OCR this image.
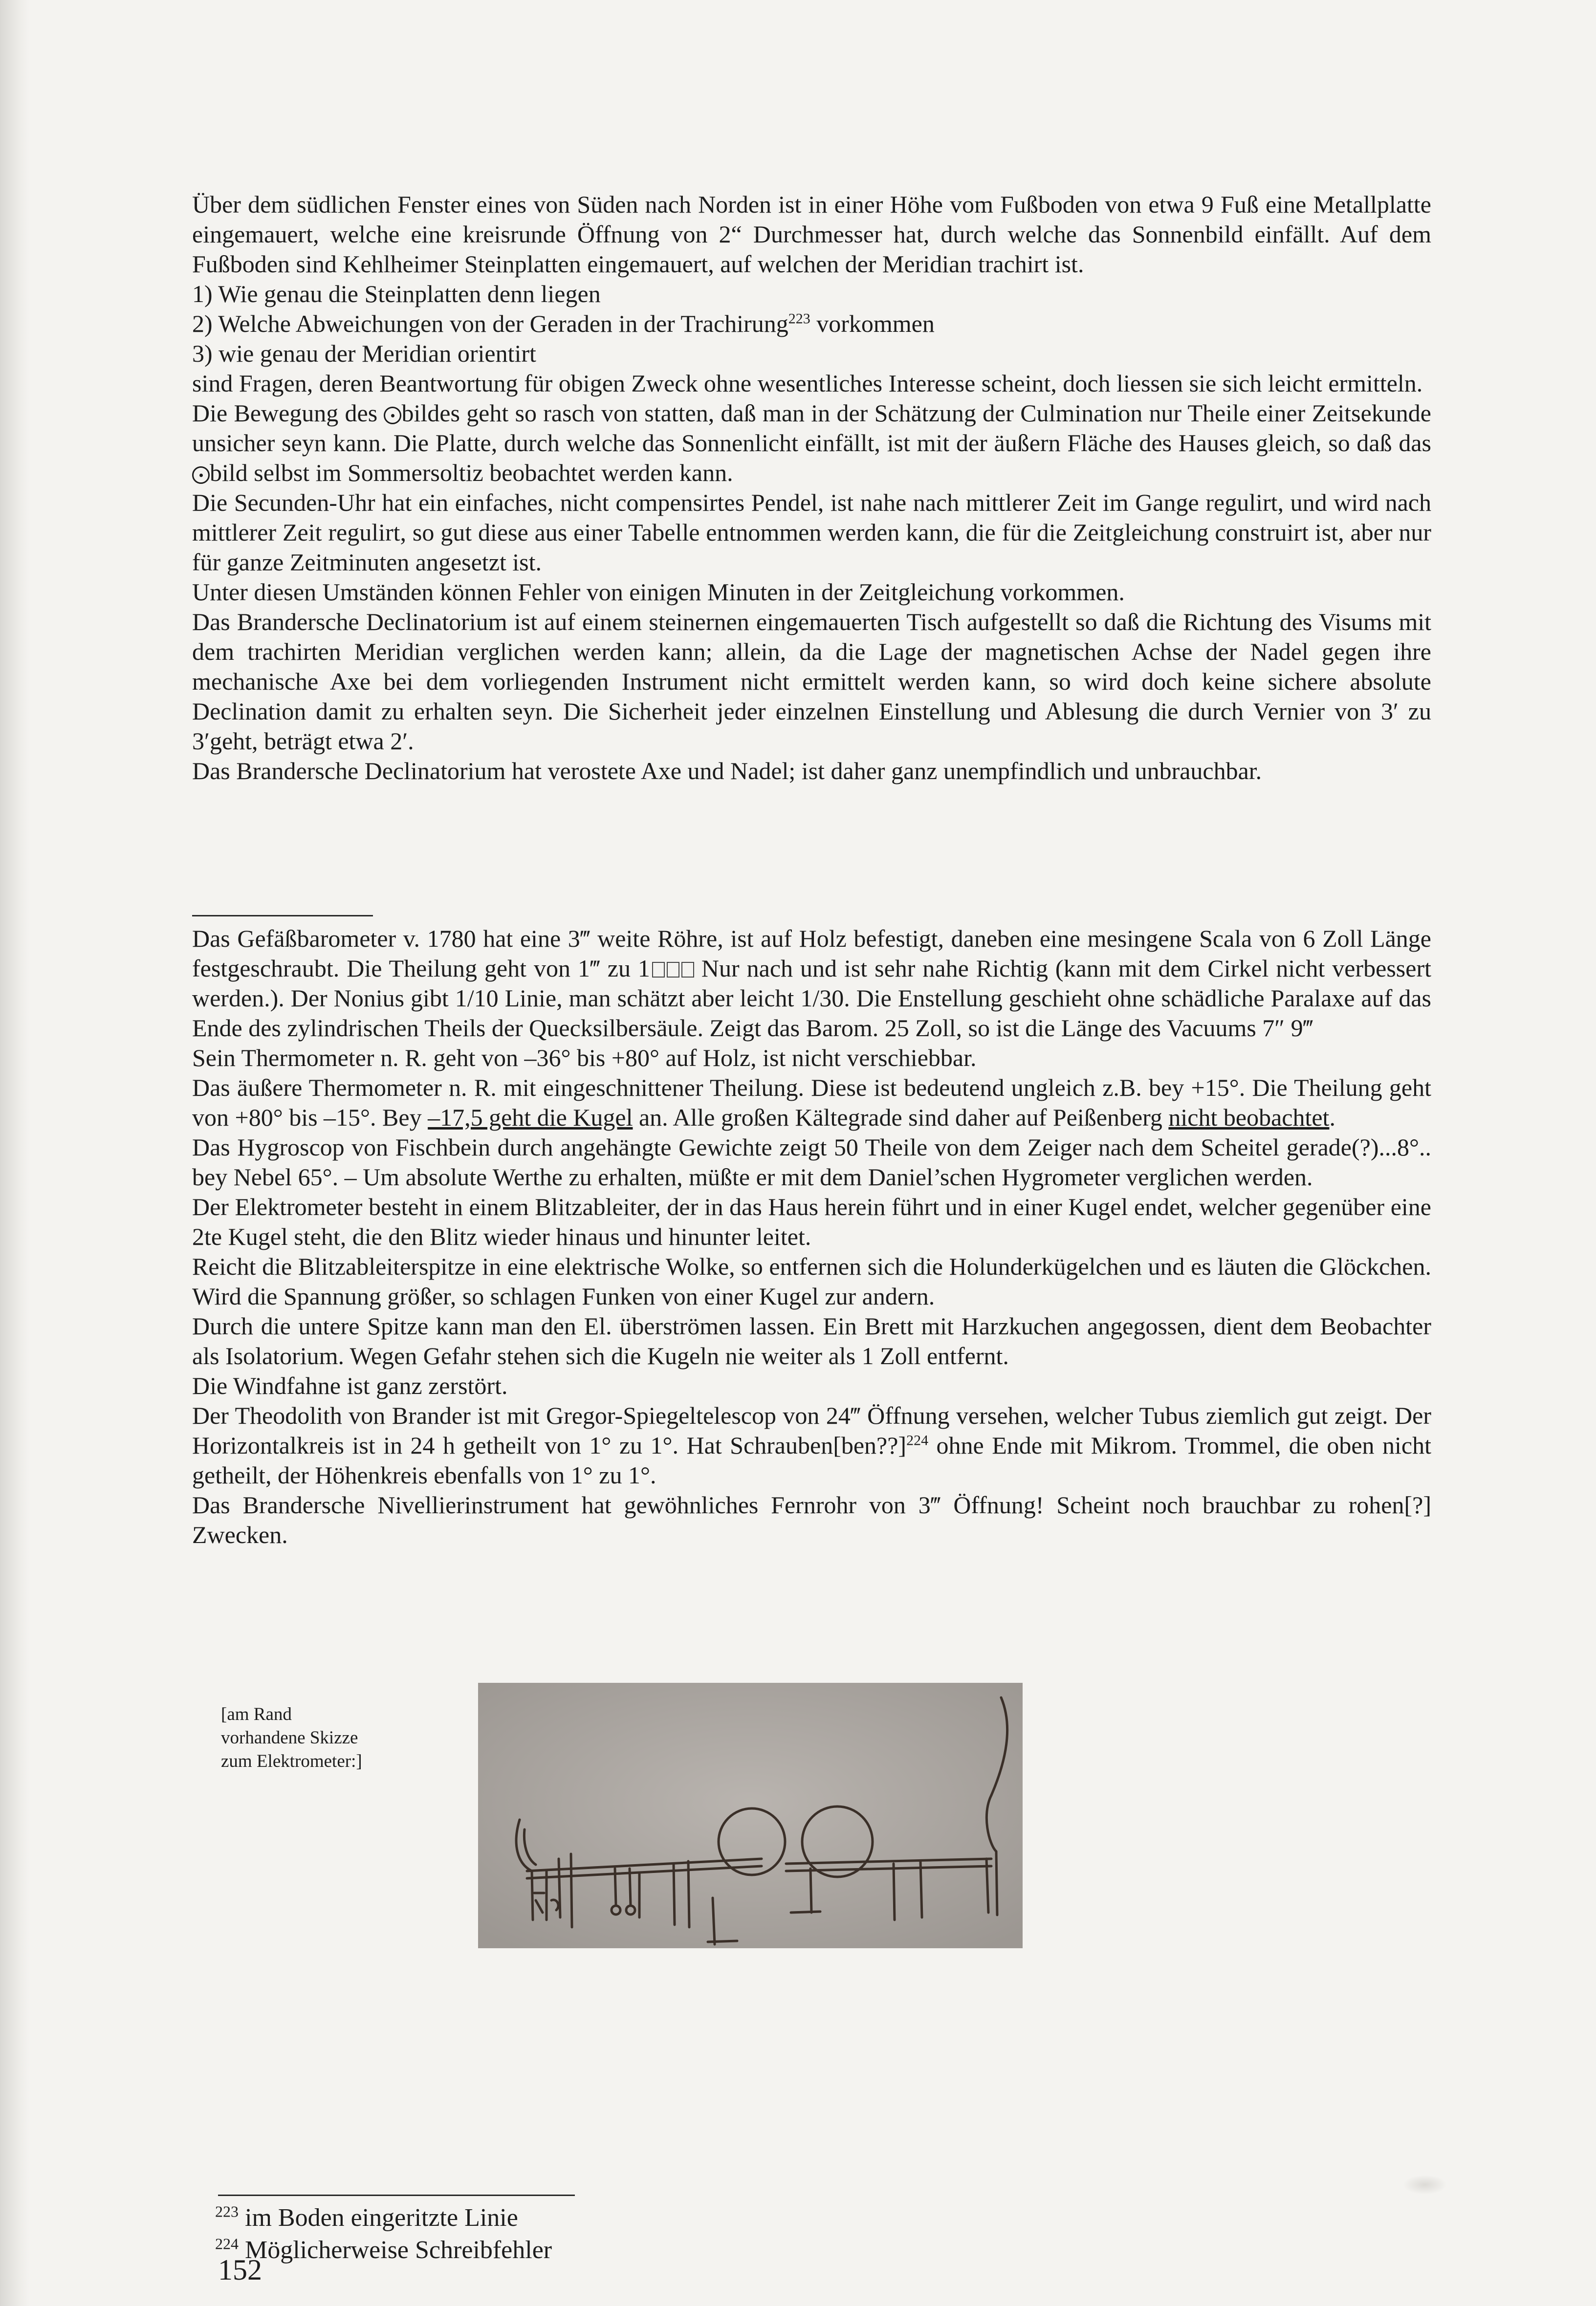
Über dem südlichen Fenster eines von Süden nach Norden ist in einer Höhe vom Fußboden von etwa 9 Fuß eine Metallplatte eingemauert, welche eine kreisrunde Öffnung von 2“ Durchmesser hat, durch welche das Sonnenbild einfällt. Auf dem Fußboden sind Kehlheimer Steinplatten eingemauert, auf welchen der Meridian trachirt ist.

1) Wie genau die Steinplatten denn liegen

2) Welche Abweichungen von der Geraden in der Trachirung$^{223}$ vorkommen

3) wie genau der Meridian orientirt

sind Fragen, deren Beantwortung für obigen Zweck ohne wesentliches Interesse scheint, doch liessen sie sich leicht ermitteln.

Die Bewegung des bildes geht so rasch von statten, daß man in der Schätzung der Culmination nur Theile einer Zeitsekunde unsicher seyn kann. Die Platte, durch welche das Sonnenlicht einfällt, ist mit der äußern Fläche des Hauses gleich, so daß das bild selbst im Sommersoltiz beobachtet werden kann.

Die Secunden-Uhr hat ein einfaches, nicht compensirtes Pendel, ist nahe nach mittlerer Zeit im Gange regulirt, und wird nach mittlerer Zeit regulirt, so gut diese aus einer Tabelle entnommen werden kann, die für die Zeitgleichung construirt ist, aber nur für ganze Zeitminuten angesetzt ist.

Unter diesen Umständen können Fehler von einigen Minuten in der Zeitgleichung vorkommen.

Das Brandersche Declinatorium ist auf einem steinernen eingemauerten Tisch aufgestellt so daß die Richtung des Visums mit dem trachirten Meridian verglichen werden kann; allein, da die Lage der magnetischen Achse der Nadel gegen ihre mechanische Axe bei dem vorliegenden Instrument nicht ermittelt werden kann, so wird doch keine sichere absolute Declination damit zu erhalten seyn. Die Sicherheit jeder einzelnen Einstellung und Ablesung die durch Vernier von 3′ zu 3′geht, beträgt etwa 2′.

Das Brandersche Declinatorium hat verostete Axe und Nadel; ist daher ganz unempfindlich und unbrauchbar.

Das Gefäßbarometer v. 1780 hat eine 3‴ weite Röhre, ist auf Holz befestigt, daneben eine mesingene Scala von 6 Zoll Länge festgeschraubt. Die Theilung geht von 1‴ zu 1 Nur nach und ist sehr nahe Richtig (kann mit dem Cirkel nicht verbessert werden.). Der Nonius gibt 1/10 Linie, man schätzt aber leicht 1/30. Die Enstellung geschieht ohne schädliche Paralaxe auf das Ende des zylindrischen Theils der Quecksilbersäule. Zeigt das Barom. 25 Zoll, so ist die Länge des Vacuums 7″ 9‴

Sein Thermometer n. R. geht von –36° bis +80° auf Holz, ist nicht verschiebbar.

Das äußere Thermometer n. R. mit eingeschnittener Theilung. Diese ist bedeutend ungleich z.B. bey +15°. Die Theilung geht von +80° bis –15°. Bey –17,5 geht die Kugel an. Alle großen Kältegrade sind daher auf Peißenberg nicht beobachtet.

Das Hygroscop von Fischbein durch angehängte Gewichte zeigt 50 Theile von dem Zeiger nach dem Scheitel gerade(?)...8°.. bey Nebel 65°. – Um absolute Werthe zu erhalten, müßte er mit dem Daniel’schen Hygrometer verglichen werden.

Der Elektrometer besteht in einem Blitzableiter, der in das Haus herein führt und in einer Kugel endet, welcher gegenüber eine 2te Kugel steht, die den Blitz wieder hinaus und hinunter leitet.

Reicht die Blitzableiterspitze in eine elektrische Wolke, so entfernen sich die Holunderkügelchen und es läuten die Glöckchen. Wird die Spannung größer, so schlagen Funken von einer Kugel zur andern.

Durch die untere Spitze kann man den El. überströmen lassen. Ein Brett mit Harzkuchen angegossen, dient dem Beobachter als Isolatorium. Wegen Gefahr stehen sich die Kugeln nie weiter als 1 Zoll entfernt.

Die Windfahne ist ganz zerstört.

Der Theodolith von Brander ist mit Gregor-Spiegeltelescop von 24‴ Öffnung versehen, welcher Tubus ziemlich gut zeigt. Der Horizontalkreis ist in 24 h getheilt von 1° zu 1°. Hat Schrauben[ben??]$^{224}$ ohne Ende mit Mikrom. Trommel, die oben nicht getheilt, der Höhenkreis ebenfalls von 1° zu 1°.

Das Brandersche Nivellierinstrument hat gewöhnliches Fernrohr von 3‴ Öffnung! Scheint noch brauchbar zu rohen[?] Zwecken.

[am Rand vorhandene Skizze
zum Elektrometer:]
$^{223}$ im Boden eingeritzte Linie
$^{224}$ Möglicherweise Schreibfehler
152
